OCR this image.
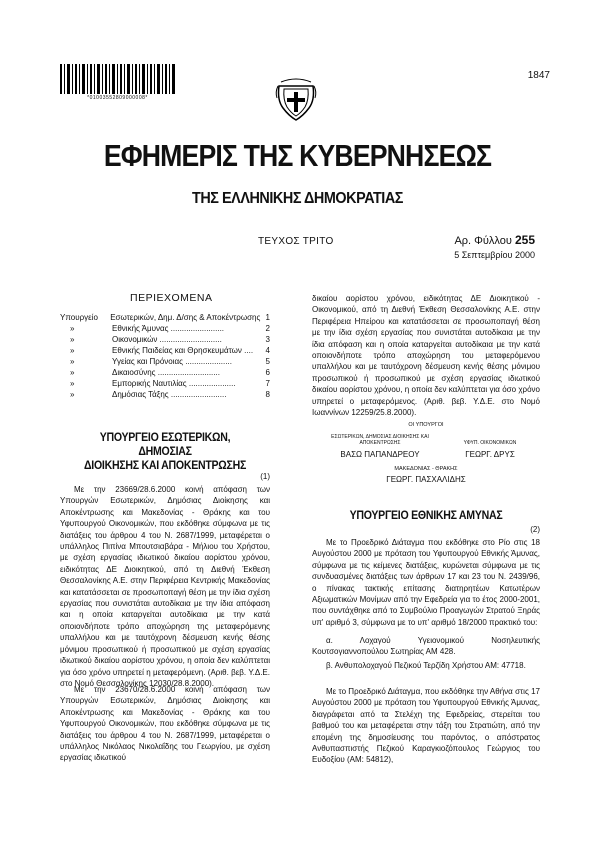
*01003552809000008*
1847
ΕΦΗΜΕΡΙΣ ΤΗΣ ΚΥΒΕΡΝΗΣΕΩΣ
ΤΗΣ ΕΛΛΗΝΙΚΗΣ ΔΗΜΟΚΡΑΤΙΑΣ
ΤΕΥΧΟΣ ΤΡΙΤΟ	Αρ. Φύλλου 255
5 Σεπτεμβρίου 2000
ΠΕΡΙΕΧΟΜΕΝΑ
Υπουργείο	Εσωτερικών, Δημ. Δ/σης & Αποκέντρωσης 1
»	Εθνικής Άμυνας ........................	2
»	Οικονομικών ............................	3
»	Εθνικής Παιδείας και Θρησκευμάτων ....	4
»	Υγείας και Πρόνοιας .....................	5
»	Δικαιοσύνης ............................	6
»	Εμπορικής Ναυτιλίας .....................	7
»	Δημόσιας Τάξης .........................	8
ΥΠΟΥΡΓΕΙΟ ΕΣΩΤΕΡΙΚΩΝ, ΔΗΜΟΣΙΑΣ
ΔΙΟΙΚΗΣΗΣ ΚΑΙ ΑΠΟΚΕΝΤΡΩΣΗΣ
(1)

Με την 23669/28.6.2000 κοινή απόφαση των Υπουργών Εσωτερικών, Δημόσιας Διοίκησης και Αποκέντρωσης και Μακεδονίας - Θράκης και του Υφυπουργού Οικονομικών, που εκδόθηκε σύμφωνα με τις διατάξεις του άρθρου 4 του Ν. 2687/1999, μεταφέρεται ο υπάλληλος Πιπίνα Μπουτσιαβάρα - Μήλιου του Χρήστου, με σχέση εργασίας ιδιωτικού δικαίου αορίστου χρόνου, ειδικότητας ΔΕ Διοικητικού, από τη Διεθνή Έκθεση Θεσσαλονίκης Α.Ε. στην Περιφέρεια Κεντρικής Μακεδονίας και κατατάσσεται σε προσωποπαγή θέση με την ίδια σχέση εργασίας που συνιστάται αυτοδίκαια με την ίδια απόφαση και η οποία καταργείται αυτοδίκαια με την κατά οποιονδήποτε τρόπο αποχώρηση της μεταφερόμενης υπαλλήλου και με ταυτόχρονη δέσμευση κενής θέσης μόνιμου προσωπικού ή προσωπικού με σχέση εργασίας ιδιωτικού δικαίου αορίστου χρόνου, η οποία δεν καλύπτεται για όσο χρόνο υπηρετεί η μεταφερόμενη. (Αριθ. βεβ. Υ.Δ.Ε. στο Νομό Θεσσαλονίκης 12030/28.8.2000).

Με την 23670/28.6.2000 κοινή απόφαση των Υπουργών Εσωτερικών, Δημόσιας Διοίκησης και Αποκέντρωσης και Μακεδονίας - Θράκης και του Υφυπουργού Οικονομικών, που εκδόθηκε σύμφωνα με τις διατάξεις του άρθρου 4 του Ν. 2687/1999, μεταφέρεται ο υπάλληλος Νικόλαος Νικολαΐδης του Γεωργίου, με σχέση εργασίας ιδιωτικού

δικαίου αορίστου χρόνου, ειδικότητας ΔΕ Διοικητικού - Οικονομικού, από τη Διεθνή Έκθεση Θεσσαλονίκης Α.Ε. στην Περιφέρεια Ηπείρου και κατατάσσεται σε προσωποπαγή θέση με την ίδια σχέση εργασίας που συνιστάται αυτοδίκαια με την ίδια απόφαση και η οποία καταργείται αυτοδίκαια με την κατά οποιονδήποτε τρόπο αποχώρηση του μεταφερόμενου υπαλλήλου και με ταυτόχρονη δέσμευση κενής θέσης μόνιμου προσωπικού ή προσωπικού με σχέση εργασίας ιδιωτικού δικαίου αορίστου χρόνου, η οποία δεν καλύπτεται για όσο χρόνο υπηρετεί ο μεταφερόμενος. (Αριθ. βεβ. Υ.Δ.Ε. στο Νομό Ιωαννίνων 12259/25.8.2000).

ΟΙ ΥΠΟΥΡΓΟΙ
ΕΣΩΤΕΡΙΚΩΝ, ΔΗΜΟΣΙΑΣ ΔΙΟΙΚΗΣΗΣ ΚΑΙ ΑΠΟΚΕΝΤΡΩΣΗΣ
ΒΑΣΩ ΠΑΠΑΝΔΡΕΟΥ
ΥΦΥΠ. ΟΙΚΟΝΟΜΙΚΩΝ
ΓΕΩΡΓ. ΔΡΥΣ
ΜΑΚΕΔΟΝΙΑΣ - ΘΡΑΚΗΣ
ΓΕΩΡΓ. ΠΑΣΧΑΛΙΔΗΣ
ΥΠΟΥΡΓΕΙΟ ΕΘΝΙΚΗΣ ΑΜΥΝΑΣ
(2)

Με το Προεδρικό Διάταγμα που εκδόθηκε στο Ρίο στις 18 Αυγούστου 2000 με πρόταση του Υφυπουργού Εθνικής Άμυνας, σύμφωνα με τις κείμενες διατάξεις, κυρώνεται σύμφωνα με τις συνδυασμένες διατάξεις των άρθρων 17 και 23 του Ν. 2439/96, ο πίνακας τακτικής επίτασης διατηρητέων Κατωτέρων Αξιωματικών Μονίμων από την Εφεδρεία για το έτος 2000-2001, που συντάχθηκε από το Συμβούλιο Προαγωγών Στρατού Ξηράς υπ' αριθμό 3, σύμφωνα με το υπ' αριθμό 18/2000 πρακτικό του:

α. Λοχαγού Υγειονομικού Νοσηλευτικής Κουτσογιαννοπούλου Σωτηρίας ΑΜ 428.

β. Ανθυπολοχαγού Πεζικού Τερζίδη Χρήστου ΑΜ: 47718.

Με το Προεδρικό Διάταγμα, που εκδόθηκε την Αθήνα στις 17 Αυγούστου 2000 με πρόταση του Υφυπουργού Εθνικής Άμυνας, διαγράφεται από τα Στελέχη της Εφεδρείας, στερείται του βαθμού του και μεταφέρεται στην τάξη του Στρατιώτη, από την επομένη της δημοσίευσης του παρόντος, ο απόστρατος Ανθυπασπιστής Πεζικού Καραγκιοζόπουλος Γεώργιος του Ευδοξίου (ΑΜ: 54812),
